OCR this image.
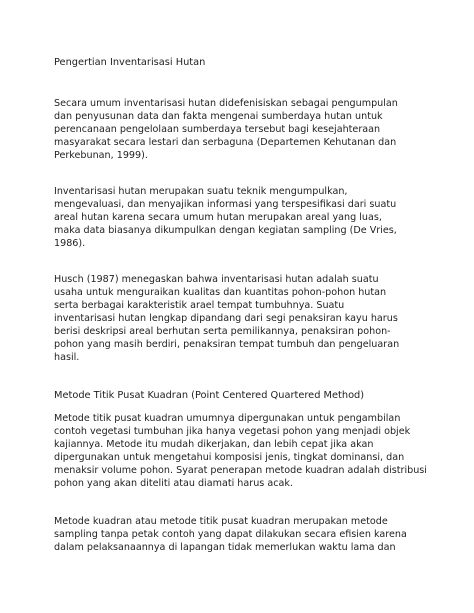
Pengertian Inventarisasi Hutan
Secara umum inventarisasi hutan didefenisiskan sebagai pengumpulan
dan penyusunan data dan fakta mengenai sumberdaya hutan untuk
perencanaan pengelolaan sumberdaya tersebut bagi kesejahteraan
masyarakat secara lestari dan serbaguna (Departemen Kehutanan dan
Perkebunan, 1999).
Inventarisasi hutan merupakan suatu teknik mengumpulkan,
mengevaluasi, dan menyajikan informasi yang terspesifikasi dari suatu
areal hutan karena secara umum hutan merupakan areal yang luas,
maka data biasanya dikumpulkan dengan kegiatan sampling (De Vries,
1986).
Husch (1987) menegaskan bahwa inventarisasi hutan adalah suatu
usaha untuk menguraikan kualitas dan kuantitas pohon-pohon hutan
serta berbagai karakteristik arael tempat tumbuhnya. Suatu
inventarisasi hutan lengkap dipandang dari segi penaksiran kayu harus
berisi deskripsi areal berhutan serta pemilikannya, penaksiran pohon-
pohon yang masih berdiri, penaksiran tempat tumbuh dan pengeluaran
hasil.
Metode Titik Pusat Kuadran (Point Centered Quartered Method)
Metode titik pusat kuadran umumnya dipergunakan untuk pengambilan
contoh vegetasi tumbuhan jika hanya vegetasi pohon yang menjadi objek
kajiannya. Metode itu mudah dikerjakan, dan lebih cepat jika akan
dipergunakan untuk mengetahui komposisi jenis, tingkat dominansi, dan
menaksir volume pohon. Syarat penerapan metode kuadran adalah distribusi
pohon yang akan diteliti atau diamati harus acak.
Metode kuadran atau metode titik pusat kuadran merupakan metode
sampling tanpa petak contoh yang dapat dilakukan secara efisien karena
dalam pelaksanaannya di lapangan tidak memerlukan waktu lama dan
